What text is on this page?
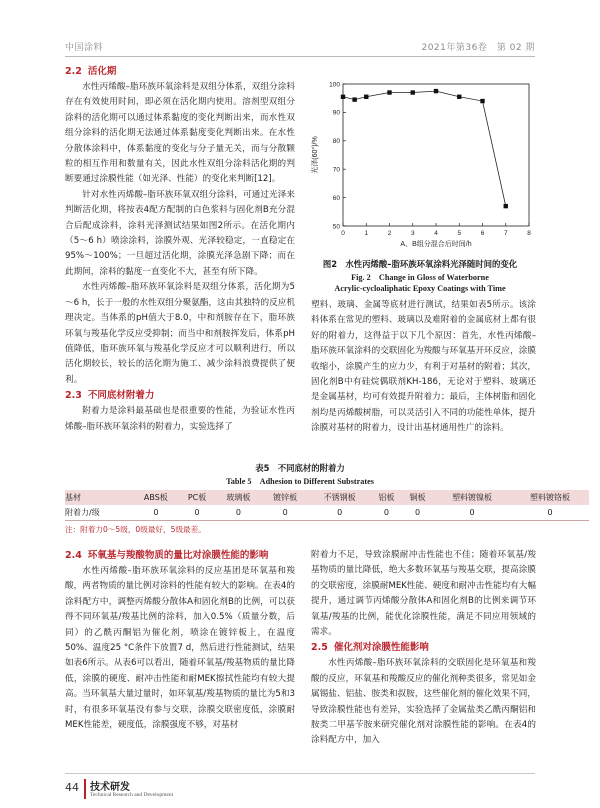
中国涂料	2021年第36卷　第 02 期
2.2 活化期

水性丙烯酸–脂环族环氧涂料是双组分体系，双组分涂料存在有效使用时间，即必须在活化期内使用。溶剂型双组分涂料的活化期可以通过体系黏度的变化判断出来，而水性双组分涂料的活化期无法通过体系黏度变化判断出来。在水性分散体涂料中，体系黏度的变化与分子量无关，而与分散颗粒的相互作用和数量有关，因此水性双组分涂料活化期的判断要通过涂膜性能（如光泽、性能）的变化来判断[12]。

针对水性丙烯酸–脂环族环氧双组分涂料，可通过光泽来判断活化期，将按表4配方配制的白色浆料与固化剂B充分混合后配成涂料，涂料光泽测试结果如图2所示。在活化期内（5～6 h）喷涂涂料，涂膜外观、光泽较稳定，一直稳定在95%～100%；一旦超过活化期，涂膜光泽急剧下降；而在此期间，涂料的黏度一直变化不大，甚至有所下降。

水性丙烯酸–脂环族环氧涂料是双组分体系，活化期为5～6 h，长于一般的水性双组分聚氨酯，这由其独特的反应机理决定。当体系的pH值大于8.0，中和剂胺存在下，脂环族环氧与羧基化学反应受抑制；而当中和剂胺挥发后，体系pH值降低，脂环族环氧与羧基化学反应才可以顺利进行，所以活化期较长，较长的活化期为施工、减少涂料浪费提供了便利。

2.3 不同底材附着力

附着力是涂料最基础也是很重要的性能，为验证水性丙烯酸–脂环族环氧涂料的附着力，实验选择了

0	1	2	3	4	5	6	7	8
50
60
70
80
90
100
A、B组分混合后时间/h
光泽(60°)/%
图2　水性丙烯酸–脂环族环氧涂料光泽随时间的变化
Fig. 2　Change in Gloss of Waterborne
Acrylic-cycloaliphatic Epoxy Coatings with Time

塑料、玻璃、金属等底材进行测试，结果如表5所示。该涂料体系在常见的塑料、玻璃以及难附着的金属底材上都有很好的附着力，这得益于以下几个原因：首先，水性丙烯酸–脂环族环氧涂料的交联固化为羧酸与环氧基开环反应，涂膜收缩小，涂膜产生的应力少，有利于对基材的附着；其次，固化剂B中有硅烷偶联剂KH-186，无论对于塑料、玻璃还是金属基材，均可有效提升附着力；最后，主体树脂和固化剂均是丙烯酸树脂，可以灵活引入不同的功能性单体，提升涂膜对基材的附着力，设计出基材通用性广的涂料。

表5　不同底材的附着力
Table 5　Adhesion to Different Substrates
基材	ABS板	PC板	玻璃板	镀锌板	不锈钢板	铝板	铜板	塑料镀镍板	塑料镀铬板
附着力/级	0	0	0	0	0	0	0	0	0
注：附着力0～5级，0级最好，5级最差。
2.4 环氧基与羧酸物质的量比对涂膜性能的影响

水性丙烯酸–脂环族环氧涂料的反应基团是环氧基和羧酸，两者物质的量比例对涂料的性能有较大的影响。在表4的涂料配方中，调整丙烯酸分散体A和固化剂B的比例，可以获得不同环氧基/羧基比例的涂料，加入0.5%（质量分数，后同）的乙酰丙酮铝为催化剂，喷涂在镀锌板上，在温度50%、温度25 °C条件下放置7 d，然后进行性能测试，结果如表6所示。从表6可以看出，随着环氧基/羧基物质的量比降低，涂膜的硬度、耐冲击性能和耐MEK擦拭性能均有较大提高。当环氧基大量过量时，如环氧基/羧基物质的量比为5和3时，有很多环氧基没有参与交联，涂膜交联密度低，涂膜耐MEK性能差，硬度低，涂膜强度不够，对基材

附着力不足，导致涂膜耐冲击性能也不佳；随着环氧基/羧基物质的量比降低，绝大多数环氧基与羧基交联，提高涂膜的交联密度，涂膜耐MEK性能、硬度和耐冲击性能均有大幅提升，通过调节丙烯酸分散体A和固化剂B的比例来调节环氧基/羧基的比例，能优化涂膜性能，满足不同应用领域的需求。

2.5 催化剂对涂膜性能影响

水性丙烯酸–脂环族环氧涂料的交联固化是环氧基和羧酸的反应，环氧基和羧酸反应的催化剂种类很多，常见如金属锡盐、铝盐、胺类和叔胺，这些催化剂的催化效果不同，导致涂膜性能也有差异，实验选择了金属盐类乙酰丙酮铝和胺类二甲基苄胺来研究催化剂对涂膜性能的影响。在表4的涂料配方中，加入

44 技术研发
Technical Research and Development
